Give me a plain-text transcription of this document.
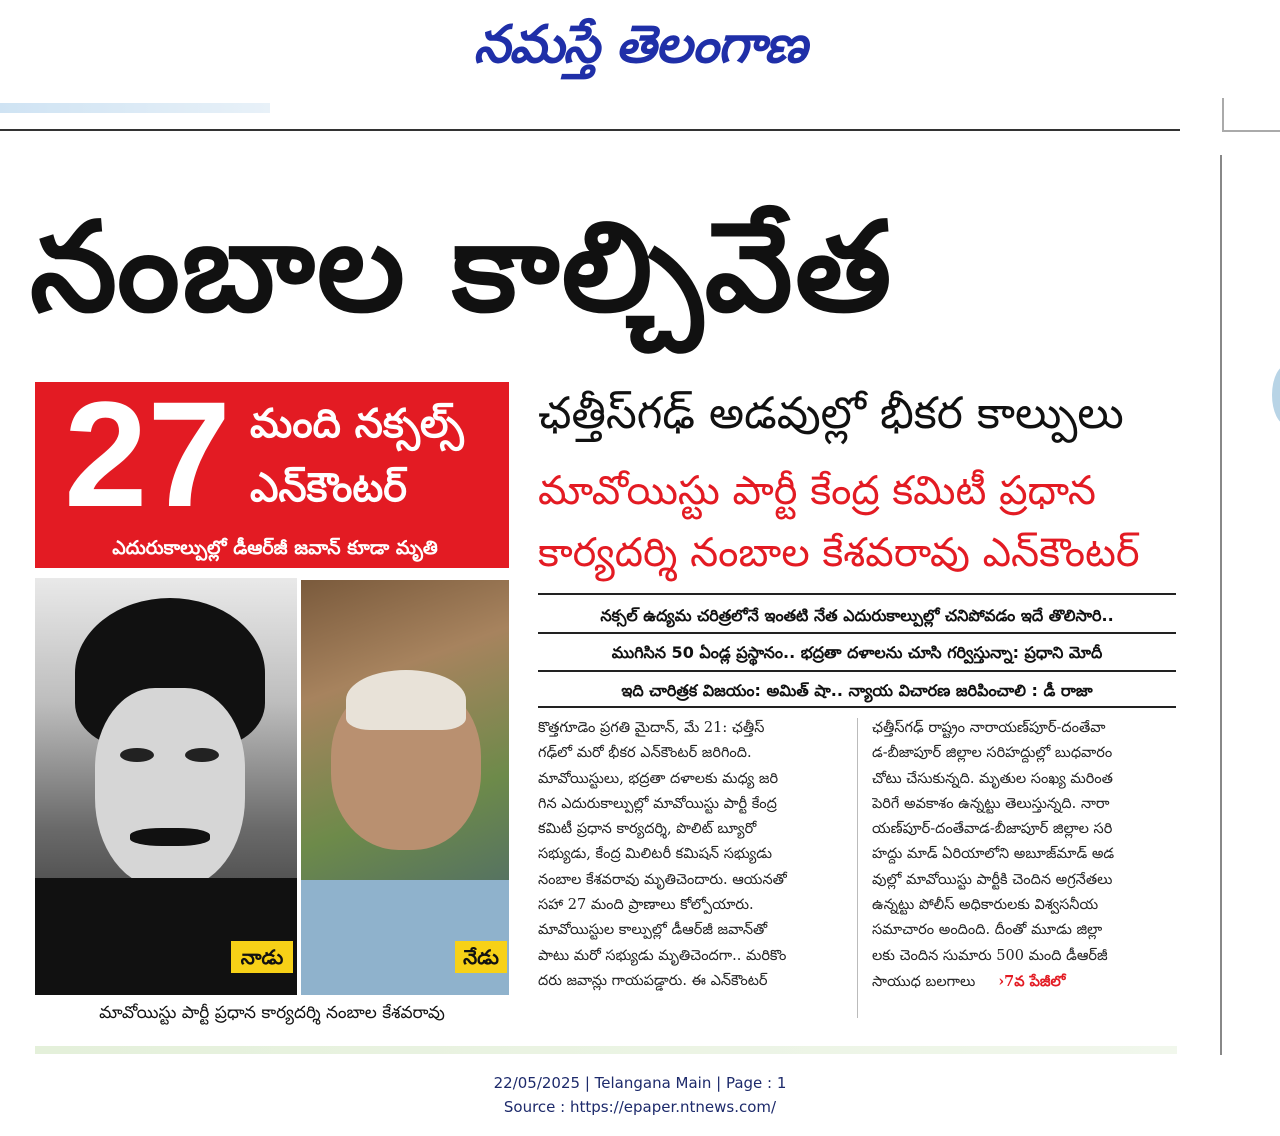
నమస్తే తెలంగాణ
నంబాల కాల్చివేత
27 మంది నక్సల్స్
ఎన్‌కౌంటర్
ఎదురుకాల్పుల్లో డీఆర్‌జీ జవాన్ కూడా మృతి
ఛత్తీస్‌గఢ్ అడవుల్లో భీకర కాల్పులు
మావోయిస్టు పార్టీ కేంద్ర కమిటీ ప్రధాన
కార్యదర్శి నంబాల కేశవరావు ఎన్‌కౌంటర్
నక్సల్ ఉద్యమ చరిత్రలోనే ఇంతటి నేత ఎదురుకాల్పుల్లో చనిపోవడం ఇదే తొలిసారి..
ముగిసిన 50 ఏండ్ల ప్రస్థానం.. భద్రతా దళాలను చూసి గర్విస్తున్నా: ప్రధాని మోదీ
ఇది చారిత్రక విజయం: అమిత్ షా.. న్యాయ విచారణ జరిపించాలి : డీ రాజా
నాడు	నేడు
మావోయిస్టు పార్టీ ప్రధాన కార్యదర్శి నంబాల కేశవరావు
కొత్తగూడెం ప్రగతి మైదాన్, మే 21: ఛత్తీస్
గఢ్‌లో మరో భీకర ఎన్‌కౌంటర్ జరిగింది.
మావోయిస్టులు, భద్రతా దళాలకు మధ్య జరి
గిన ఎదురుకాల్పుల్లో మావోయిస్టు పార్టీ కేంద్ర
కమిటీ ప్రధాన కార్యదర్శి, పొలిట్ బ్యూరో
సభ్యుడు, కేంద్ర మిలిటరీ కమిషన్ సభ్యుడు
నంబాల కేశవరావు మృతిచెందారు. ఆయనతో
సహా 27 మంది ప్రాణాలు కోల్పోయారు.
మావోయిస్టుల కాల్పుల్లో డీఆర్‌జీ జవాన్‌తో
పాటు మరో సభ్యుడు మృతిచెందగా.. మరికొం
దరు జవాన్లు గాయపడ్డారు. ఈ ఎన్‌కౌంటర్
ఛత్తీస్‌గఢ్ రాష్ట్రం నారాయణ్‌పూర్-దంతేవా
డ-బీజాపూర్ జిల్లాల సరిహద్దుల్లో బుధవారం
చోటు చేసుకున్నది. మృతుల సంఖ్య మరింత
పెరిగే అవకాశం ఉన్నట్టు తెలుస్తున్నది. నారా
యణ్‌పూర్-దంతేవాడ-బీజాపూర్ జిల్లాల సరి
హద్దు మాడ్ ఏరియాలోని అబూజ్‌మాడ్ అడ
వుల్లో మావోయిస్టు పార్టీకి చెందిన అగ్రనేతలు
ఉన్నట్టు పోలీస్ అధికారులకు విశ్వసనీయ
సమాచారం అందింది. దీంతో మూడు జిల్లా
లకు చెందిన సుమారు 500 మంది డీఆర్‌జీ
సాయుధ బలగాలు ›7వ పేజీలో
22/05/2025 | Telangana Main | Page : 1
Source : https://epaper.ntnews.com/
